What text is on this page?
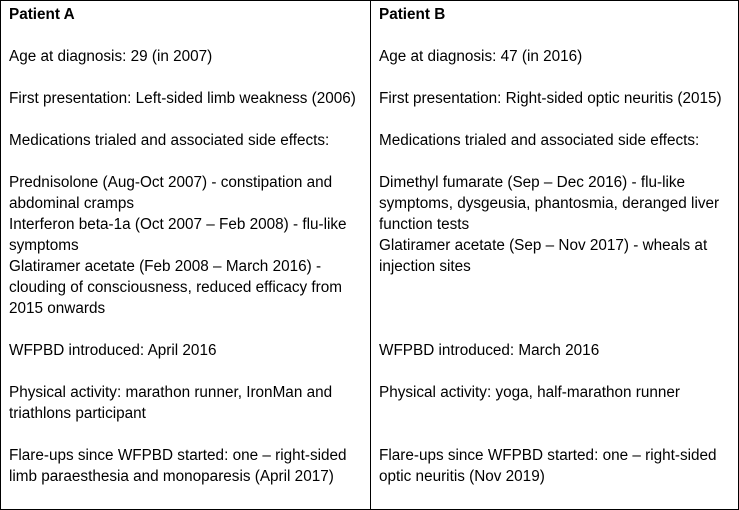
Patient A

Age at diagnosis: 29 (in 2007)

First presentation: Left-sided limb weakness (2006)

Medications trialed and associated side effects:

Prednisolone (Aug-Oct 2007) - constipation and abdominal cramps

Interferon beta-1a (Oct 2007 – Feb 2008) - flu-like symptoms

Glatiramer acetate (Feb 2008 – March 2016) - clouding of consciousness, reduced efficacy from 2015 onwards

WFPBD introduced: April 2016

Physical activity: marathon runner, IronMan and triathlons participant

Flare-ups since WFPBD started: one – right-sided limb paraesthesia and monoparesis (April 2017)

Patient B

Age at diagnosis: 47 (in 2016)

First presentation: Right-sided optic neuritis (2015)

Medications trialed and associated side effects:

Dimethyl fumarate (Sep – Dec 2016) - flu-like symptoms, dysgeusia, phantosmia, deranged liver function tests

Glatiramer acetate (Sep – Nov 2017) - wheals at injection sites

WFPBD introduced: March 2016

Physical activity: yoga, half-marathon runner

Flare-ups since WFPBD started: one – right-sided optic neuritis (Nov 2019)
